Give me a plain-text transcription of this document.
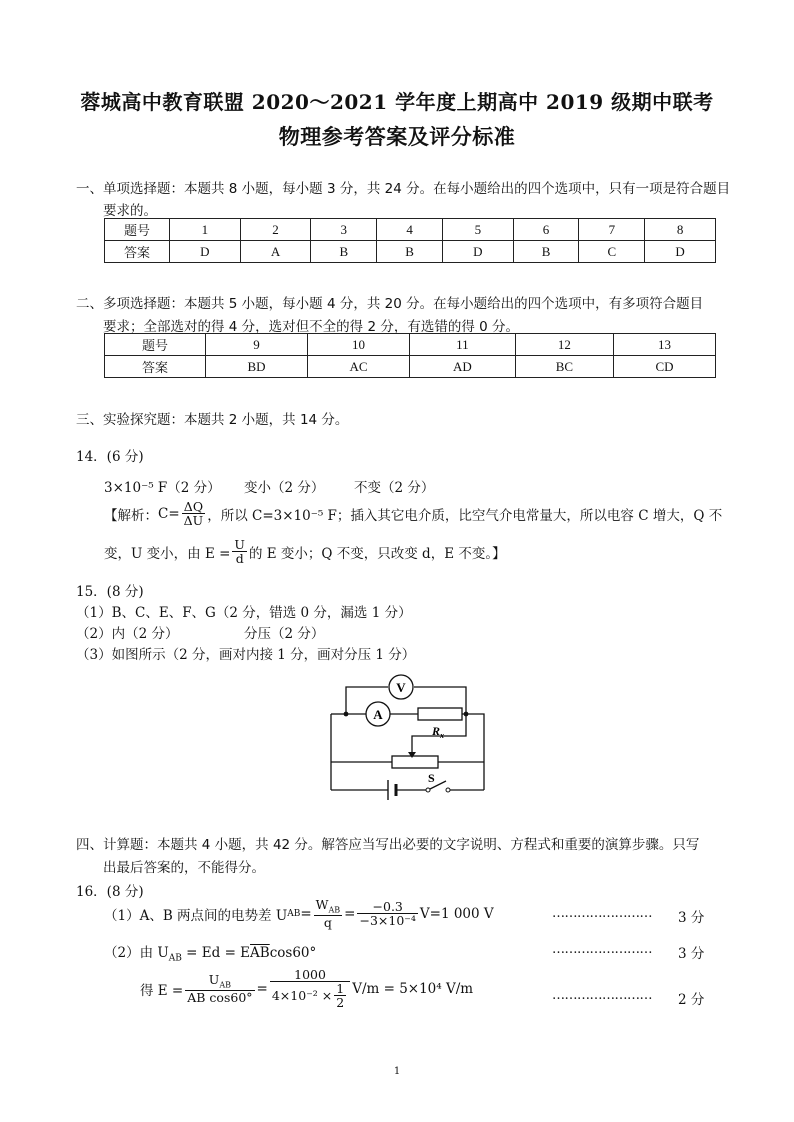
蓉城高中教育联盟 2020～2021 学年度上期高中 2019 级期中联考
物理参考答案及评分标准
一、单项选择题：本题共 8 小题，每小题 3 分，共 24 分。在每小题给出的四个选项中，只有一项是符合题目
要求的。
题号	1	2	3	4	5	6	7	8
答案	D	A	B	B	D	B	C	D
二、多项选择题：本题共 5 小题，每小题 4 分，共 20 分。在每小题给出的四个选项中，有多项符合题目
要求；全部选对的得 4 分，选对但不全的得 2 分，有选错的得 0 分。
题号	9	10	11	12	13
答案	BD	AC	AD	BC	CD
三、实验探究题：本题共 2 小题，共 14 分。
14．(6 分)
3×10⁻⁵ F（2 分） 变小（2 分） 不变（2 分）
【解析： $C= \frac{\Delta Q}{\Delta U}$ ，所以 C=3×10⁻⁵ F；插入其它电介质，比空气介电常量大，所以电容 C 增大，Q 不
变，U 变小，由 $E = \frac{U}{d}$ 的 E 变小；Q 不变，只改变 d，E 不变。】
15．(8 分)
（1）B、C、E、F、G（2 分，错选 0 分，漏选 1 分）
（2）内（2 分）	分压（2 分）
（3）如图所示（2 分，画对内接 1 分，画对分压 1 分）
V
A
R x
S
四、计算题：本题共 4 小题，共 42 分。解答应当写出必要的文字说明、方程式和重要的演算步骤。只写
出最后答案的，不能得分。
16．(8 分)
（1）A、B 两点间的电势差 U AB = $\frac{W_{AB}}{q} = \frac{-0.3}{\text{−3×10⁻⁴}} V=1$ 000 V	…………………… 3 分
（2）由 $U_{AB} = Ed = E\overline{AB}\cos 60^\circ$	…………………… 3 分
得 $E = \frac{U_{AB}}{\text{AB cos60°}} = \frac{1000}{4\times 10^{-2} \times \frac{1}{2}} V/m = 5\times 10^4$ V/m	…………………… 2 分
1
